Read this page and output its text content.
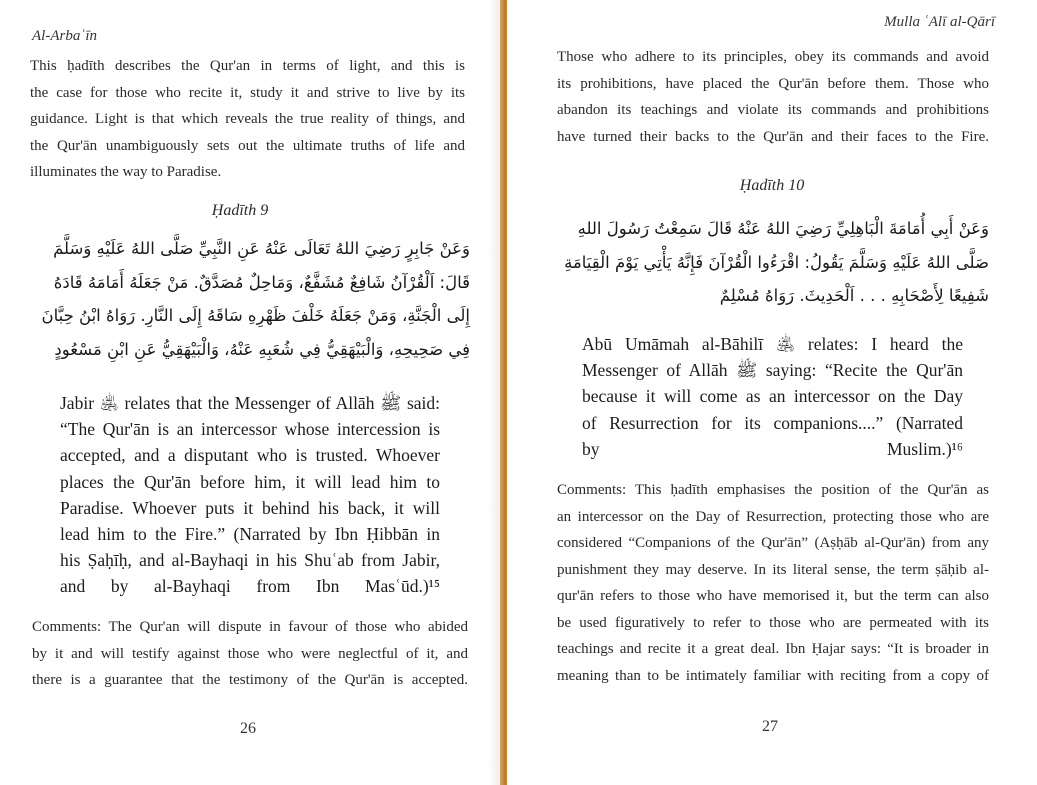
Al-Arbaʿīn
This ḥadīth describes the Qur'an in terms of light, and this is
the case for those who recite it, study it and strive to live by its
guidance. Light is that which reveals the true reality of things, and
the Qur'ān unambiguously sets out the ultimate truths of life and
illuminates the way to Paradise.
Ḥadīth 9
وَعَنْ جَابِرٍ رَضِيَ اللهُ تَعَالَى عَنْهُ عَنِ النَّبِيِّ صَلَّى اللهُ عَلَيْهِ وَسَلَّمَ
قَالَ: اَلْقُرْآنُ شَافِعٌ مُشَفَّعٌ، وَمَاحِلٌ مُصَدَّقٌ. مَنْ جَعَلَهُ أَمَامَهُ قَادَهُ
إِلَى الْجَنَّةِ، وَمَنْ جَعَلَهُ خَلْفَ ظَهْرِهِ سَاقَهُ إِلَى النَّارِ. رَوَاهُ ابْنُ حِبَّانَ
فِي صَحِيحِهِ، وَالْبَيْهَقِيُّ فِي شُعَبِهِ عَنْهُ، وَالْبَيْهَقِيُّ عَنِ ابْنِ مَسْعُودٍ
Jabir ﵁ relates that the Messenger of Allāh ﷺ said:
“The Qur'ān is an intercessor whose intercession is
accepted, and a disputant who is trusted. Whoever
places the Qur'ān before him, it will lead him to
Paradise. Whoever puts it behind his back, it will
lead him to the Fire.” (Narrated by Ibn Ḥibbān in
his Ṣaḥīḥ, and al-Bayhaqi in his Shuʿab from Jabir,
and by al-Bayhaqi from Ibn Masʿūd.)¹⁵
Comments: The Qur'an will dispute in favour of those who abided
by it and will testify against those who were neglectful of it, and
there is a guarantee that the testimony of the Qur'ān is accepted.
26
Mulla ʿAlī al-Qārī
Those who adhere to its principles, obey its commands and avoid
its prohibitions, have placed the Qur'ān before them. Those who
abandon its teachings and violate its commands and prohibitions
have turned their backs to the Qur'ān and their faces to the Fire.
Ḥadīth 10
وَعَنْ أَبِي أُمَامَةَ الْبَاهِلِيِّ رَضِيَ اللهُ عَنْهُ قَالَ سَمِعْتُ رَسُولَ اللهِ
صَلَّى اللهُ عَلَيْهِ وَسَلَّمَ يَقُولُ: اقْرَءُوا الْقُرْآنَ فَإِنَّهُ يَأْتِي يَوْمَ الْقِيَامَةِ
شَفِيعًا لِأَصْحَابِهِ . . . اَلْحَدِيثَ. رَوَاهُ مُسْلِمٌ
Abū Umāmah al-Bāhilī ﵁ relates: I heard the
Messenger of Allāh ﷺ saying: “Recite the Qur'ān
because it will come as an intercessor on the Day
of Resurrection for its companions....” (Narrated
by Muslim.)¹⁶
Comments: This ḥadīth emphasises the position of the Qur'ān as
an intercessor on the Day of Resurrection, protecting those who are
considered “Companions of the Qur'ān” (Aṣḥāb al-Qur'ān) from any
punishment they may deserve. In its literal sense, the term ṣāḥib al-
qur'ān refers to those who have memorised it, but the term can also
be used figuratively to refer to those who are permeated with its
teachings and recite it a great deal. Ibn Ḥajar says: “It is broader in
meaning than to be intimately familiar with reciting from a copy of
27
